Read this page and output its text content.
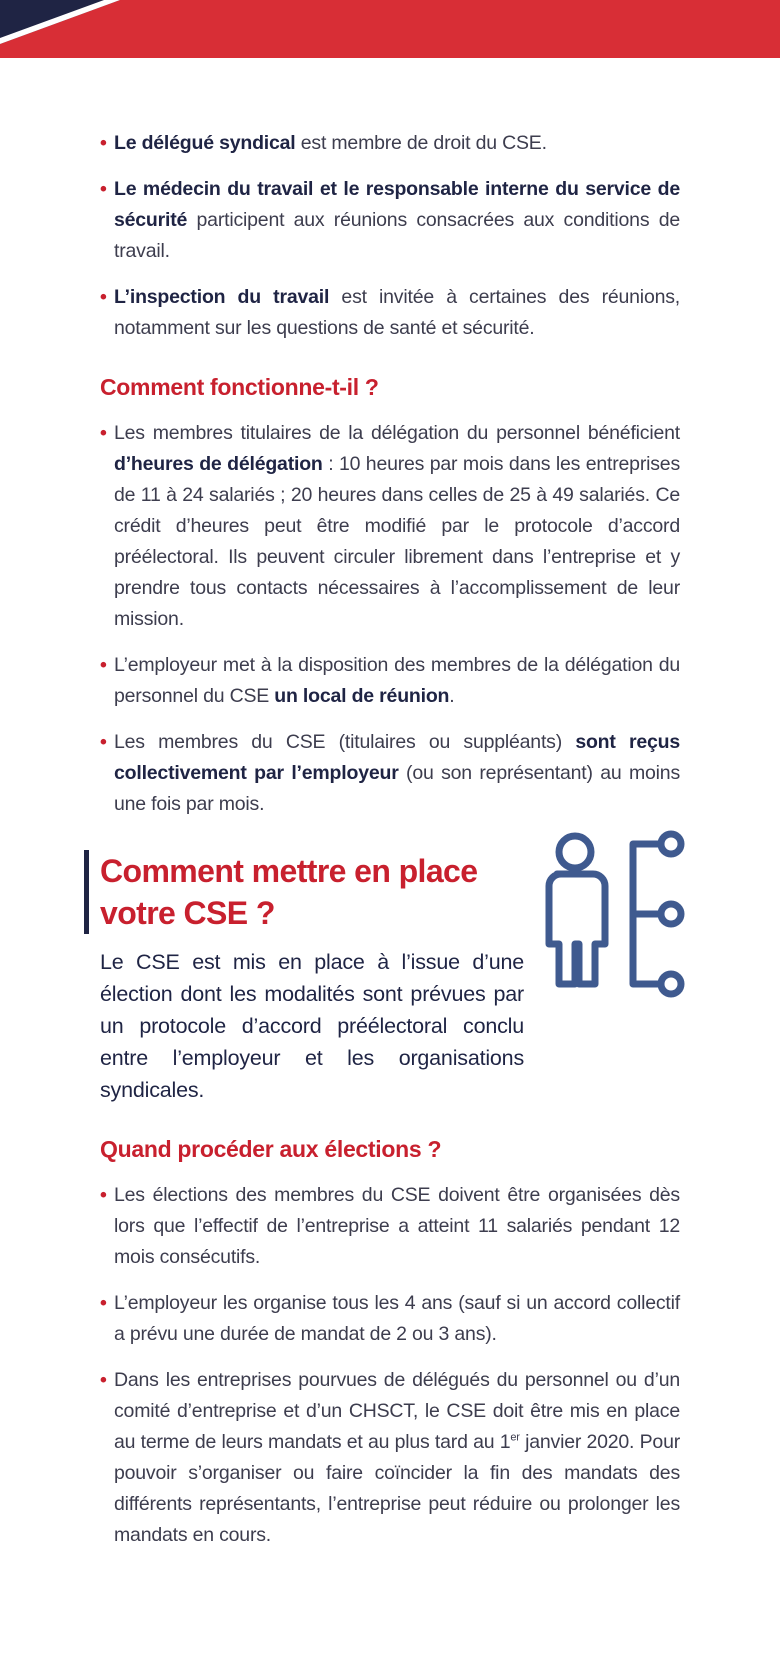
• Le délégué syndical est membre de droit du CSE.
• Le médecin du travail et le responsable interne du service de sécurité participent aux réunions consacrées aux conditions de travail.
• L’inspection du travail est invitée à certaines des réunions, notamment sur les questions de santé et sécurité.
Comment fonctionne-t-il ?
• Les membres titulaires de la délégation du personnel bénéficient d’heures de délégation : 10 heures par mois dans les entreprises de 11 à 24 salariés ; 20 heures dans celles de 25 à 49 salariés. Ce crédit d’heures peut être modifié par le protocole d’accord préélectoral. Ils peuvent circuler librement dans l’entreprise et y prendre tous contacts nécessaires à l’accomplissement de leur mission.
• L’employeur met à la disposition des membres de la délégation du personnel du CSE un local de réunion.
• Les membres du CSE (titulaires ou suppléants) sont reçus collectivement par l’employeur (ou son représentant) au moins une fois par mois.
Comment mettre en place
votre CSE ?

Le CSE est mis en place à l’issue d’une élection dont les modalités sont prévues par un protocole d’accord préélectoral conclu entre l’employeur et les organisations syndicales.

Quand procéder aux élections ?
• Les élections des membres du CSE doivent être organisées dès lors que l’effectif de l’entreprise a atteint 11 salariés pendant 12 mois consécutifs.
• L’employeur les organise tous les 4 ans (sauf si un accord collectif a prévu une durée de mandat de 2 ou 3 ans).
• Dans les entreprises pourvues de délégués du personnel ou d’un comité d’entreprise et d’un CHSCT, le CSE doit être mis en place au terme de leurs mandats et au plus tard au 1er janvier 2020. Pour pouvoir s’organiser ou faire coïncider la fin des mandats des différents représentants, l’entreprise peut réduire ou prolonger les mandats en cours.
